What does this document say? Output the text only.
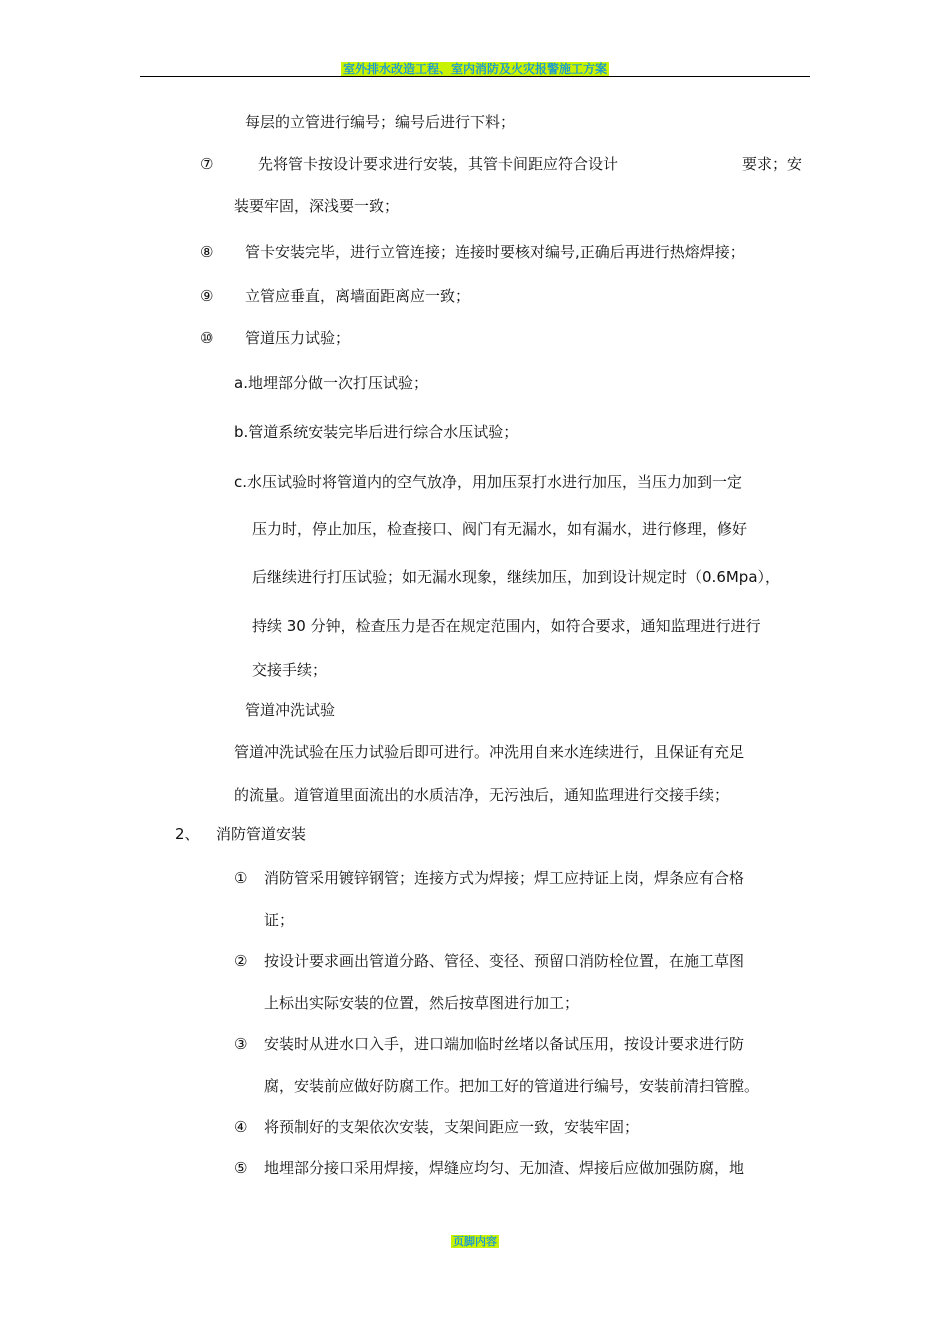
室外排水改造工程、室内消防及火灾报警施工方案
每层的立管进行编号；编号后进行下料；
⑦	先将管卡按设计要求进行安装，其管卡间距应符合设计	要求；安
装要牢固，深浅要一致；
⑧ 管卡安装完毕，进行立管连接；连接时要核对编号,正确后再进行热熔焊接；
⑨ 立管应垂直，离墙面距离应一致；
⑩ 管道压力试验；
a.地埋部分做一次打压试验；
b.管道系统安装完毕后进行综合水压试验；
c.水压试验时将管道内的空气放净，用加压泵打水进行加压，当压力加到一定
压力时，停止加压，检查接口、阀门有无漏水，如有漏水，进行修理，修好
后继续进行打压试验；如无漏水现象，继续加压，加到设计规定时（0.6Mpa），
持续 30 分钟，检查压力是否在规定范围内，如符合要求，通知监理进行进行
交接手续；
管道冲洗试验
管道冲洗试验在压力试验后即可进行。冲洗用自来水连续进行，且保证有充足
的流量。道管道里面流出的水质洁净，无污浊后，通知监理进行交接手续；
2、 消防管道安装
① 消防管采用镀锌钢管；连接方式为焊接；焊工应持证上岗，焊条应有合格
证；
② 按设计要求画出管道分路、管径、变径、预留口消防栓位置，在施工草图
上标出实际安装的位置，然后按草图进行加工；
③ 安装时从进水口入手，进口端加临时丝堵以备试压用，按设计要求进行防
腐，安装前应做好防腐工作。把加工好的管道进行编号，安装前清扫管膛。
④ 将预制好的支架依次安装，支架间距应一致，安装牢固；
⑤ 地埋部分接口采用焊接，焊缝应均匀、无加渣、焊接后应做加强防腐，地
页脚内容
